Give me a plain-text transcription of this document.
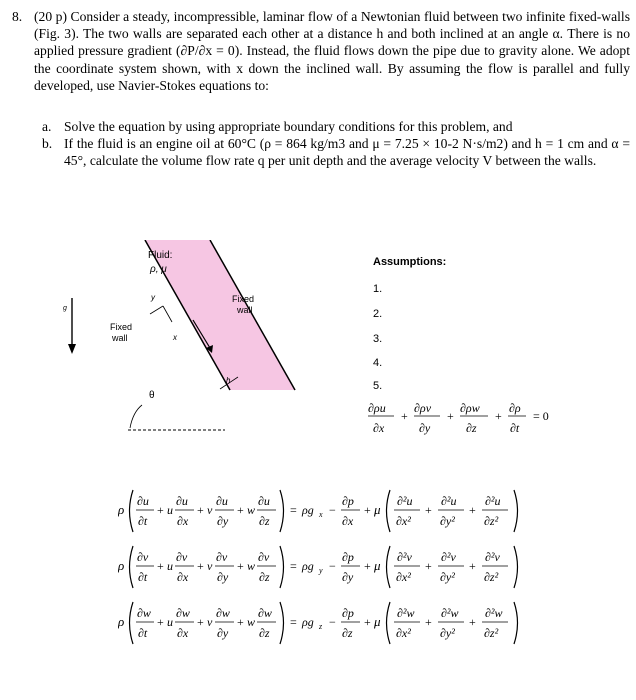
8. (20 p) Consider a steady, incompressible, laminar flow of a Newtonian fluid between two infinite fixed-walls (Fig. 3). The two walls are separated each other at a distance h and both inclined at an angle α. There is no applied pressure gradient (∂P/∂x = 0). Instead, the fluid flows down the pipe due to gravity alone. We adopt the coordinate system shown, with x down the inclined wall. By assuming the flow is parallel and fully developed, use Navier-Stokes equations to:
a. Solve the equation by using appropriate boundary conditions for this problem, and
b. If the fluid is an engine oil at 60°C (ρ = 864 kg/m3 and μ = 7.25 × 10-2 N·s/m2) and h = 1 cm and α = 45°, calculate the volume flow rate q per unit depth and the average velocity V between the walls.
g
Fluid:
ρ, μ
Fixed
wall
Fixed
wall
y
x
h
θ
Assumptions:
1.
2.
3.
4.
5.
∂ρu
∂x
+
∂ρv
∂y
+
∂ρw
∂z
+
∂ρ
∂t
= 0
ρ
∂u
∂t
+ u
∂u
∂x
+ v
∂u
∂y
+ w
∂u
∂z
= ρg x −
∂p
∂x
+ μ
∂²u
∂x²
+
∂²u
∂y²
+
∂²u
∂z²
ρ
∂v
∂t
+ u
∂v
∂x
+ v
∂v
∂y
+ w
∂v
∂z
= ρg y −
∂p
∂y
+ μ
∂²v
∂x²
+
∂²v
∂y²
+
∂²v
∂z²
ρ
∂w
∂t
+ u
∂w
∂x
+ v
∂w
∂y
+ w
∂w
∂z
= ρg z −
∂p
∂z
+ μ
∂²w
∂x²
+
∂²w
∂y²
+
∂²w
∂z²
